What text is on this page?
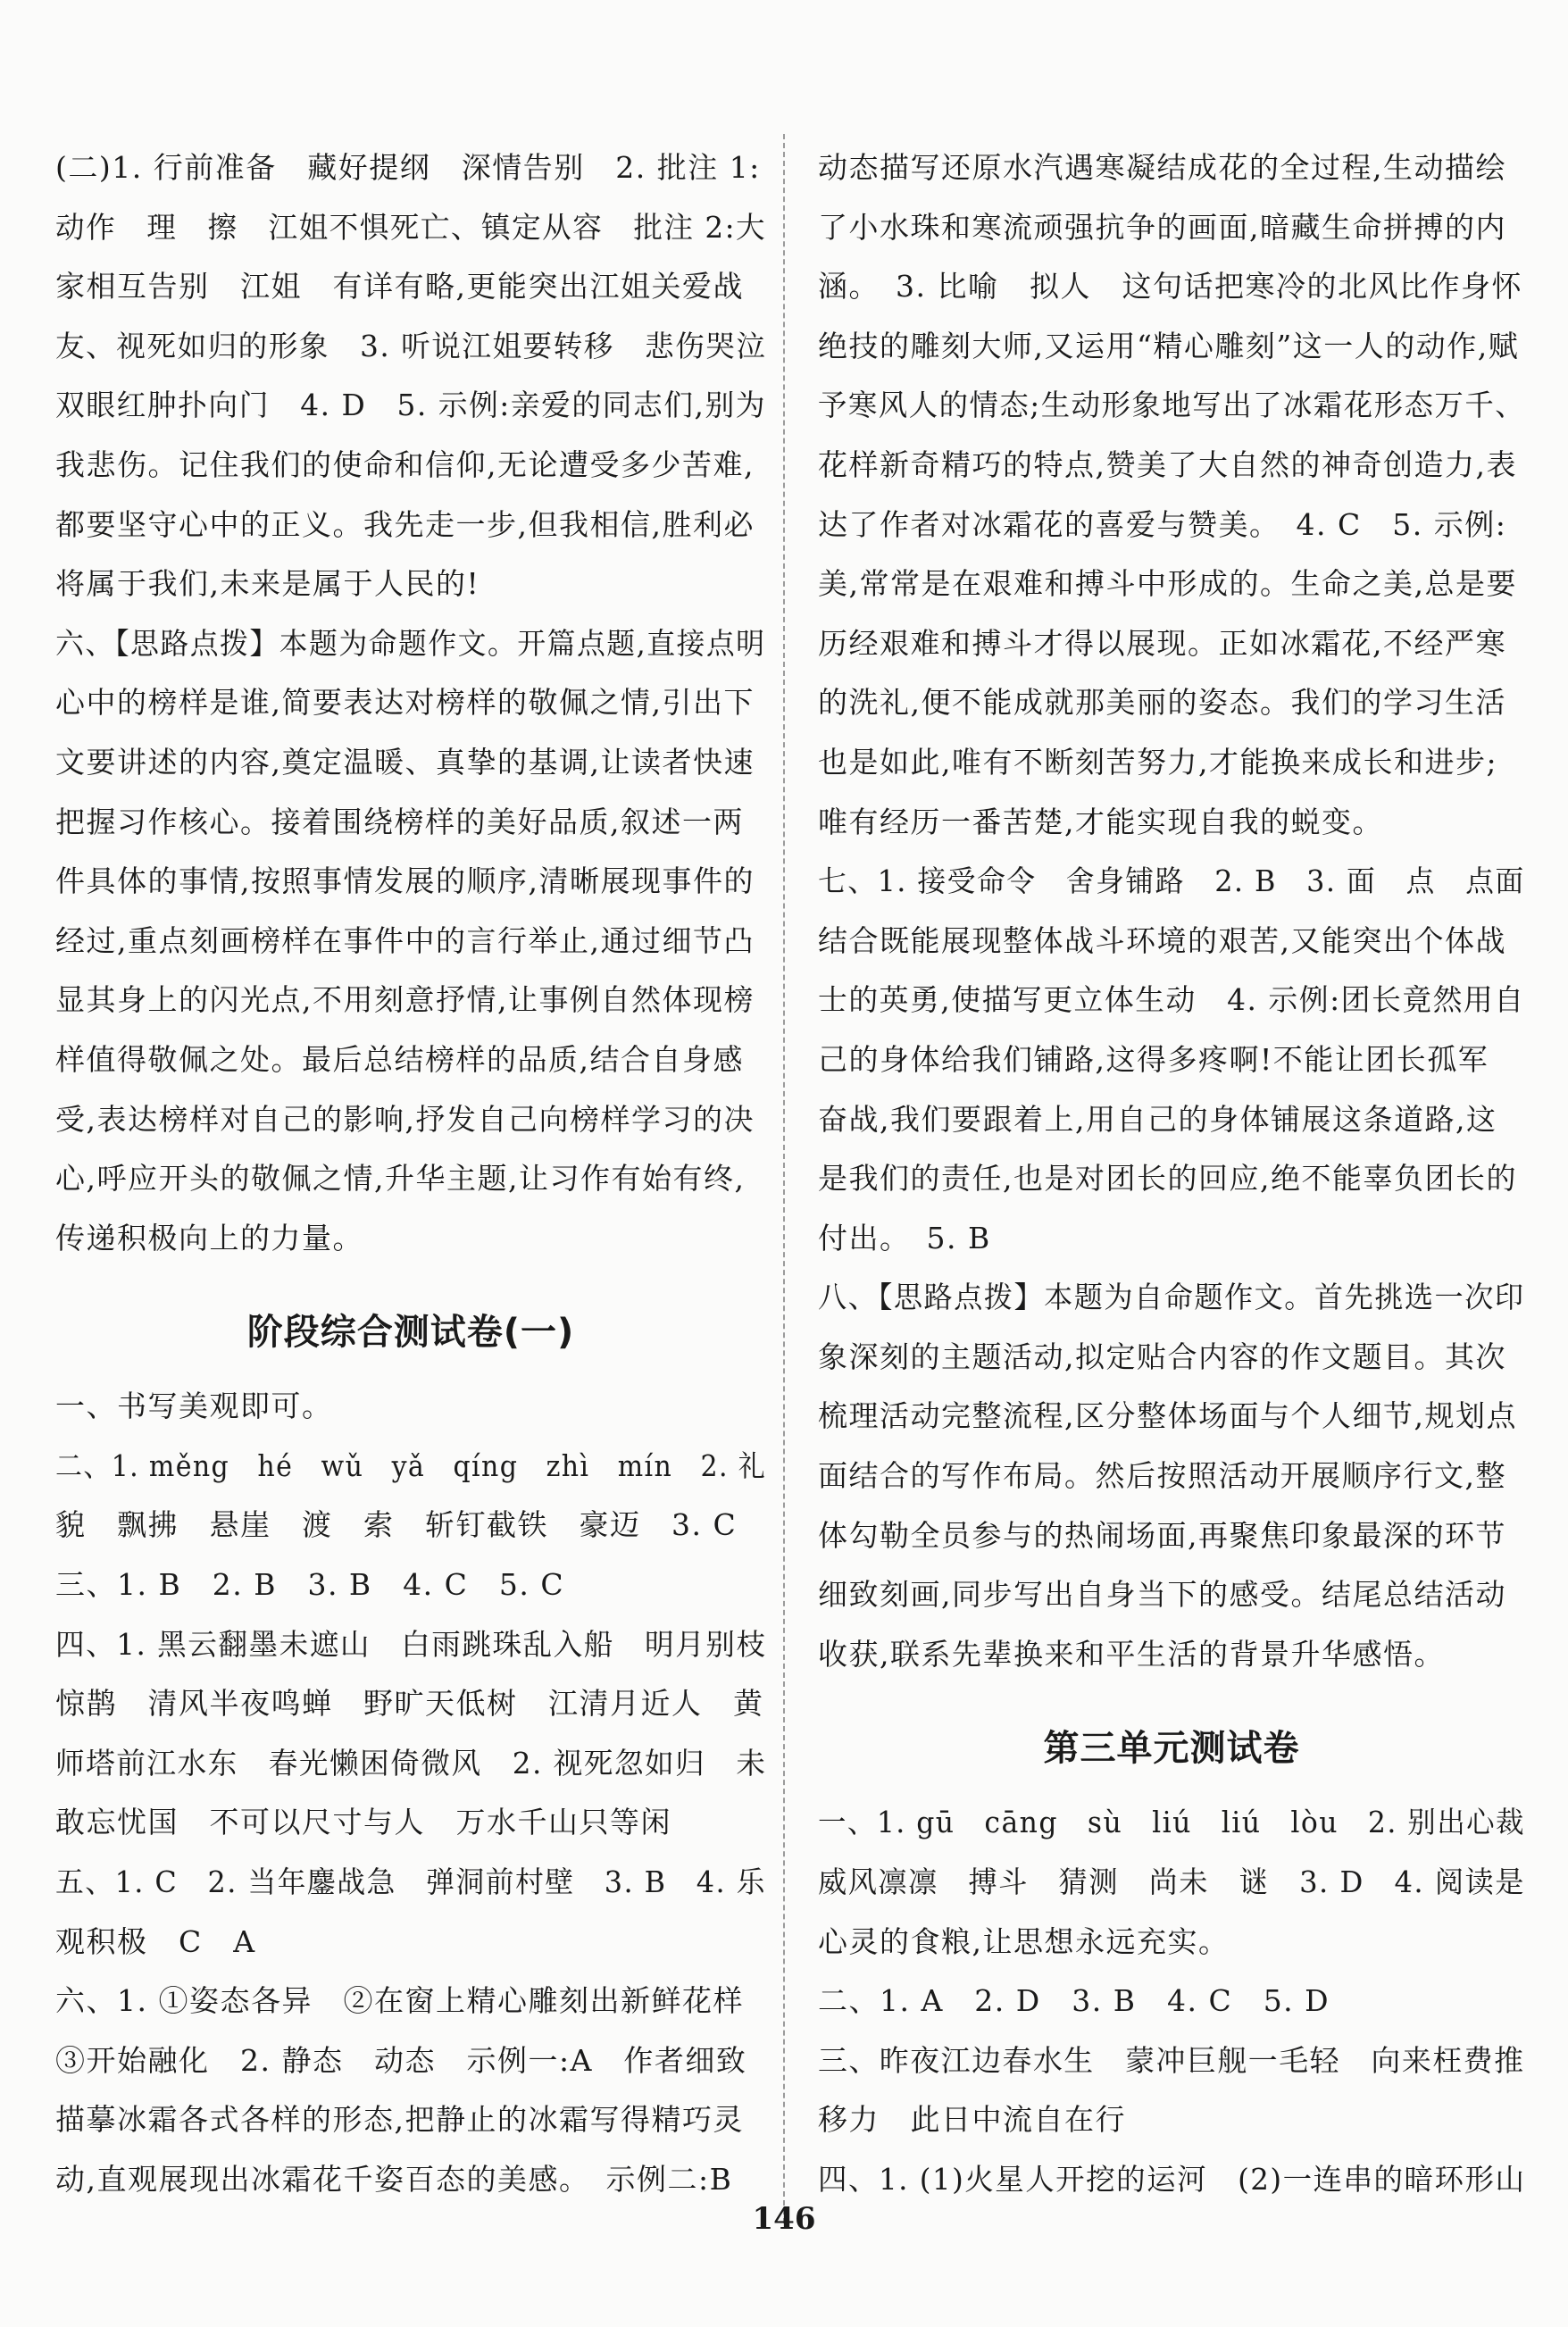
(二)1. 行前准备　藏好提纲　深情告别　2. 批注 1:
动作　理　擦　江姐不惧死亡、镇定从容　批注 2:大
家相互告别　江姐　有详有略,更能突出江姐关爱战
友、视死如归的形象　3. 听说江姐要转移　悲伤哭泣
双眼红肿扑向门　4. D　5. 示例:亲爱的同志们,别为
我悲伤。记住我们的使命和信仰,无论遭受多少苦难,
都要坚守心中的正义。我先走一步,但我相信,胜利必
将属于我们,未来是属于人民的!
六、【思路点拨】本题为命题作文。开篇点题,直接点明
心中的榜样是谁,简要表达对榜样的敬佩之情,引出下
文要讲述的内容,奠定温暖、真挚的基调,让读者快速
把握习作核心。接着围绕榜样的美好品质,叙述一两
件具体的事情,按照事情发展的顺序,清晰展现事件的
经过,重点刻画榜样在事件中的言行举止,通过细节凸
显其身上的闪光点,不用刻意抒情,让事例自然体现榜
样值得敬佩之处。最后总结榜样的品质,结合自身感
受,表达榜样对自己的影响,抒发自己向榜样学习的决
心,呼应开头的敬佩之情,升华主题,让习作有始有终,
传递积极向上的力量。
阶段综合测试卷(一)
一、书写美观即可。
二、1. měng　hé　wǔ　yǎ　qíng　zhì　mín　2. 礼
貌　飘拂　悬崖　渡　索　斩钉截铁　豪迈　3. C
三、1. B　2. B　3. B　4. C　5. C
四、1. 黑云翻墨未遮山　白雨跳珠乱入船　明月别枝
惊鹊　清风半夜鸣蝉　野旷天低树　江清月近人　黄
师塔前江水东　春光懒困倚微风　2. 视死忽如归　未
敢忘忧国　不可以尺寸与人　万水千山只等闲
五、1. C　2. 当年鏖战急　弹洞前村壁　3. B　4. 乐
观积极　C　A
六、1. ①姿态各异　②在窗上精心雕刻出新鲜花样
③开始融化　2. 静态　动态　示例一:A　作者细致
描摹冰霜各式各样的形态,把静止的冰霜写得精巧灵
动,直观展现出冰霜花千姿百态的美感。　示例二:B
动态描写还原水汽遇寒凝结成花的全过程,生动描绘
了小水珠和寒流顽强抗争的画面,暗藏生命拼搏的内
涵。　3. 比喻　拟人　这句话把寒冷的北风比作身怀
绝技的雕刻大师,又运用“精心雕刻”这一人的动作,赋
予寒风人的情态;生动形象地写出了冰霜花形态万千、
花样新奇精巧的特点,赞美了大自然的神奇创造力,表
达了作者对冰霜花的喜爱与赞美。　4. C　5. 示例:
美,常常是在艰难和搏斗中形成的。生命之美,总是要
历经艰难和搏斗才得以展现。正如冰霜花,不经严寒
的洗礼,便不能成就那美丽的姿态。我们的学习生活
也是如此,唯有不断刻苦努力,才能换来成长和进步;
唯有经历一番苦楚,才能实现自我的蜕变。
七、1. 接受命令　舍身铺路　2. B　3. 面　点　点面
结合既能展现整体战斗环境的艰苦,又能突出个体战
士的英勇,使描写更立体生动　4. 示例:团长竟然用自
己的身体给我们铺路,这得多疼啊!不能让团长孤军
奋战,我们要跟着上,用自己的身体铺展这条道路,这
是我们的责任,也是对团长的回应,绝不能辜负团长的
付出。　5. B
八、【思路点拨】本题为自命题作文。首先挑选一次印
象深刻的主题活动,拟定贴合内容的作文题目。其次
梳理活动完整流程,区分整体场面与个人细节,规划点
面结合的写作布局。然后按照活动开展顺序行文,整
体勾勒全员参与的热闹场面,再聚焦印象最深的环节
细致刻画,同步写出自身当下的感受。结尾总结活动
收获,联系先辈换来和平生活的背景升华感悟。
第三单元测试卷
一、1. gū　cāng　sù　liú　liú　lòu　2. 别出心裁
威风凛凛　搏斗　猜测　尚未　谜　3. D　4. 阅读是
心灵的食粮,让思想永远充实。
二、1. A　2. D　3. B　4. C　5. D
三、昨夜江边春水生　蒙冲巨舰一毛轻　向来枉费推
移力　此日中流自在行
四、1. (1)火星人开挖的运河　(2)一连串的暗环形山
146
